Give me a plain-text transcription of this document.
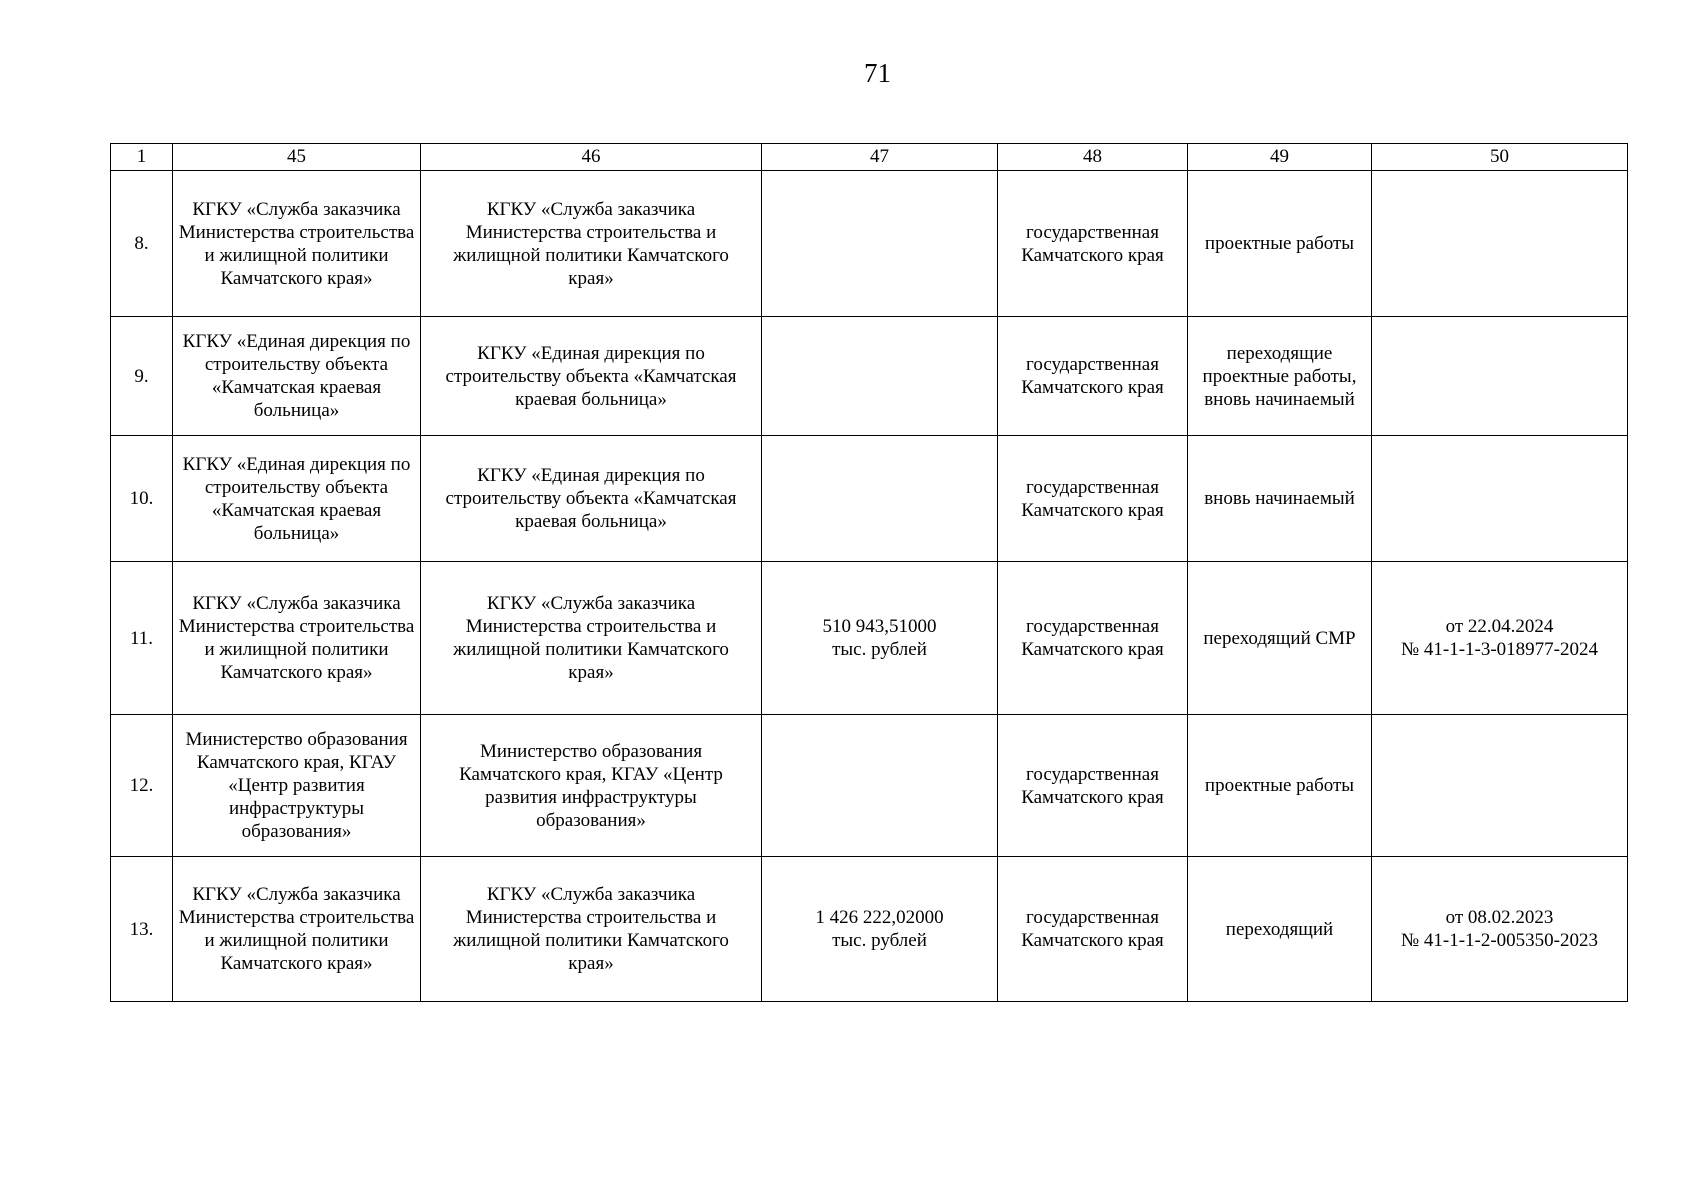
71
1	45	46	47	48	49	50
8.	КГКУ «Служба заказчика Министерства строительства и жилищной политики Камчатского края»	КГКУ «Служба заказчика Министерства строительства и жилищной политики Камчатского края»		государственная Камчатского края	проектные работы	
9.	КГКУ «Единая дирекция по строительству объекта «Камчатская краевая больница»	КГКУ «Единая дирекция по строительству объекта «Камчатская краевая больница»		государственная Камчатского края	переходящие проектные работы, вновь начинаемый	
10.	КГКУ «Единая дирекция по строительству объекта «Камчатская краевая больница»	КГКУ «Единая дирекция по строительству объекта «Камчатская краевая больница»		государственная Камчатского края	вновь начинаемый	
11.	КГКУ «Служба заказчика Министерства строительства и жилищной политики Камчатского края»	КГКУ «Служба заказчика Министерства строительства и жилищной политики Камчатского края»	510 943,51000 тыс. рублей	государственная Камчатского края	переходящий СМР	от 22.04.2024
№ 41-1-1-3-018977-2024

12.	Министерство образования Камчатского края, КГАУ «Центр развития инфраструктуры образования»	Министерство образования Камчатского края, КГАУ «Центр развития инфраструктуры образования»		государственная Камчатского края	проектные работы	
13.	КГКУ «Служба заказчика Министерства строительства и жилищной политики Камчатского края»	КГКУ «Служба заказчика Министерства строительства и жилищной политики Камчатского края»	1 426 222,02000 тыс. рублей	государственная Камчатского края	переходящий	от 08.02.2023
№ 41-1-1-2-005350-2023
